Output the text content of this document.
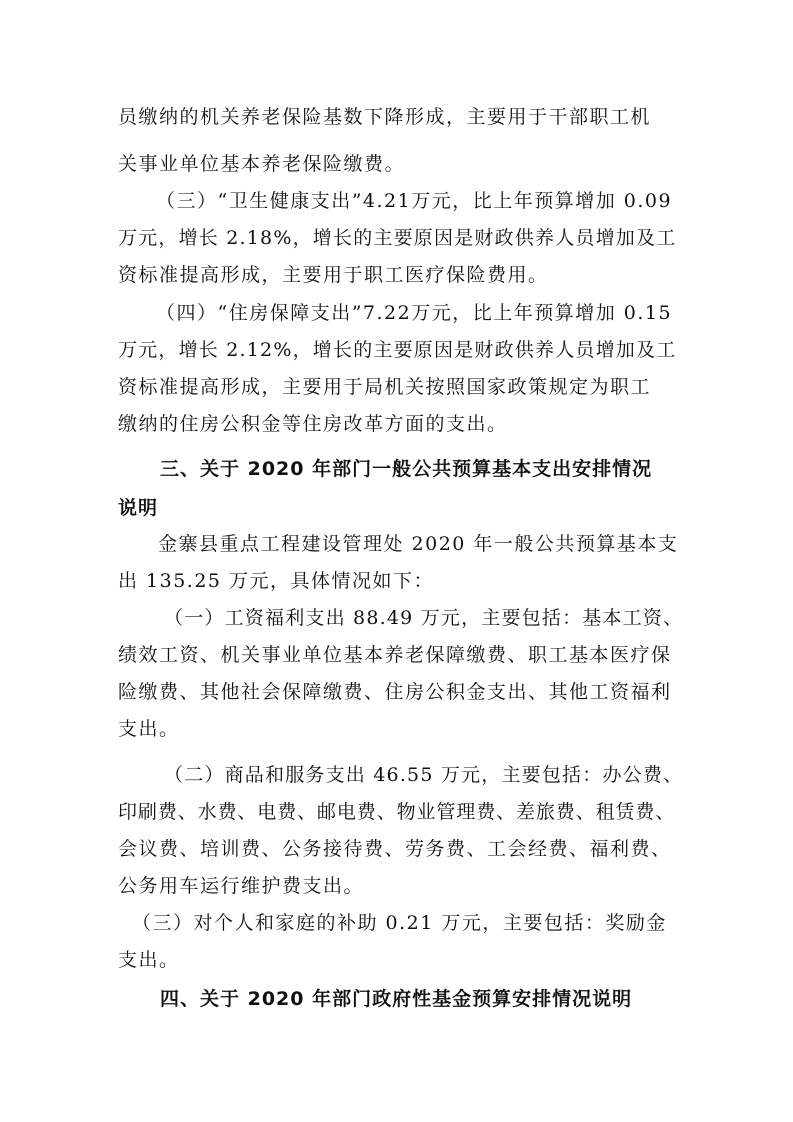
员缴纳的机关养老保险基数下降形成，主要用于干部职工机
关事业单位基本养老保险缴费。
（三）“卫生健康支出”4.21万元，比上年预算增加 0.09
万元，增长 2.18%，增长的主要原因是财政供养人员增加及工
资标准提高形成，主要用于职工医疗保险费用。
（四）“住房保障支出”7.22万元，比上年预算增加 0.15
万元，增长 2.12%，增长的主要原因是财政供养人员增加及工
资标准提高形成，主要用于局机关按照国家政策规定为职工
缴纳的住房公积金等住房改革方面的支出。
三、关于 2020 年部门一般公共预算基本支出安排情况
说明
金寨县重点工程建设管理处 2020 年一般公共预算基本支
出 135.25 万元，具体情况如下：
（一）工资福利支出 88.49 万元，主要包括：基本工资、
绩效工资、机关事业单位基本养老保障缴费、职工基本医疗保
险缴费、其他社会保障缴费、住房公积金支出、其他工资福利
支出。
（二）商品和服务支出 46.55 万元，主要包括：办公费、
印刷费、水费、电费、邮电费、物业管理费、差旅费、租赁费、
会议费、培训费、公务接待费、劳务费、工会经费、福利费、
公务用车运行维护费支出。
（三）对个人和家庭的补助 0.21 万元，主要包括：奖励金
支出。
四、关于 2020 年部门政府性基金预算安排情况说明
